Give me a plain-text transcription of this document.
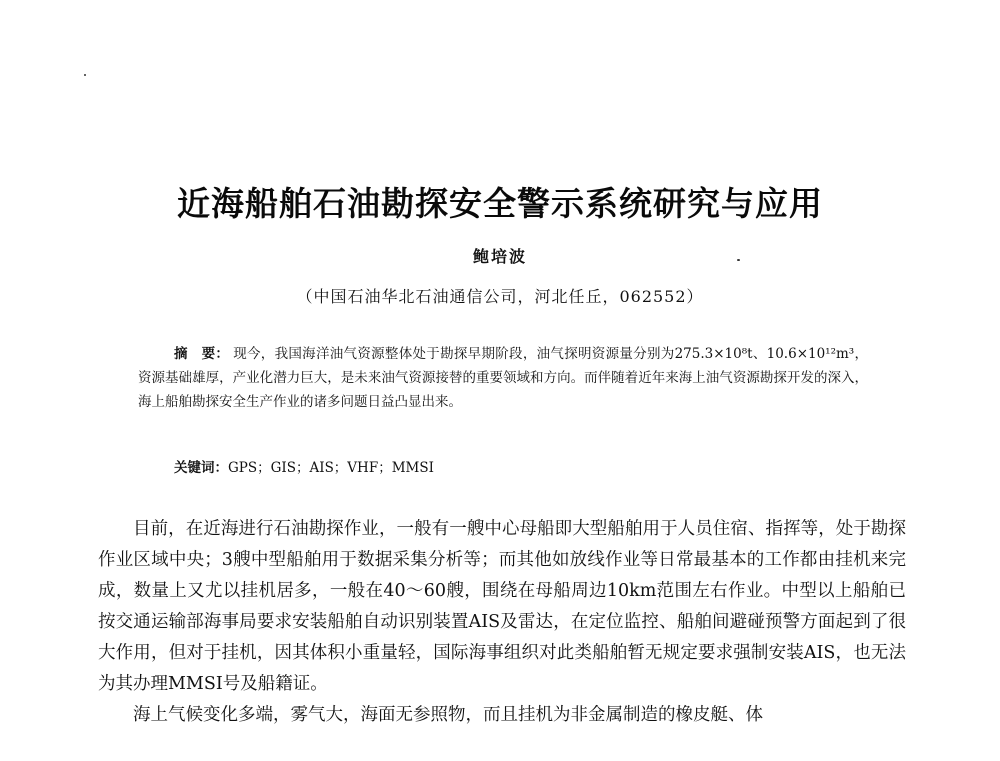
近海船舶石油勘探安全警示系统研究与应用
鲍培波
（中国石油华北石油通信公司，河北任丘，062552）
摘　要： 现今，我国海洋油气资源整体处于勘探早期阶段，油气探明资源量分别为275.3×10⁸t、10.6×10¹²m³，资源基础雄厚，产业化潜力巨大，是未来油气资源接替的重要领域和方向。而伴随着近年来海上油气资源勘探开发的深入，海上船舶勘探安全生产作业的诸多问题日益凸显出来。
关键词：GPS；GIS；AIS；VHF；MMSI

目前，在近海进行石油勘探作业，一般有一艘中心母船即大型船舶用于人员住宿、指挥等，处于勘探作业区域中央；3艘中型船舶用于数据采集分析等；而其他如放线作业等日常最基本的工作都由挂机来完成，数量上又尤以挂机居多，一般在40～60艘，围绕在母船周边10km范围左右作业。中型以上船舶已按交通运输部海事局要求安装船舶自动识别装置AIS及雷达，在定位监控、船舶间避碰预警方面起到了很大作用，但对于挂机，因其体积小重量轻，国际海事组织对此类船舶暂无规定要求强制安装AIS，也无法为其办理MMSI号及船籍证。

海上气候变化多端，雾气大，海面无参照物，而且挂机为非金属制造的橡皮艇、体
